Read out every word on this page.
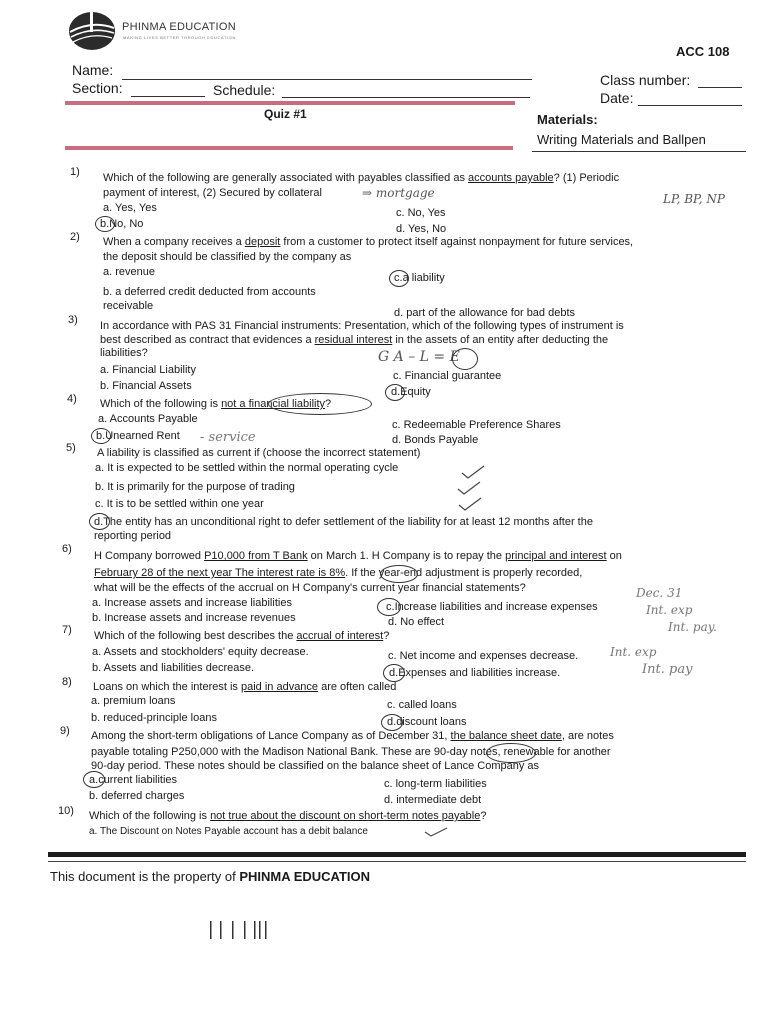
PHINMA EDUCATION
MAKING LIVES BETTER THROUGH EDUCATION
ACC 108
Name:
Section:	Schedule:
Class number:
Date:
Quiz #1	Materials:
Writing Materials and Ballpen
1) Which of the following are generally associated with payables classified as accounts payable? (1) Periodic
payment of interest, (2) Secured by collateral	⇒ mortgage	LP, BP, NP
a. Yes, Yes
b.No, No
c. No, Yes
d. Yes, No
2) When a company receives a deposit from a customer to protect itself against nonpayment for future services,
the deposit should be classified by the company as
a. revenue	c.a liability
b. a deferred credit deducted from accounts
receivable
d. part of the allowance for bad debts
3) In accordance with PAS 31 Financial instruments: Presentation, which of the following types of instrument is
best described as contract that evidences a residual interest in the assets of an entity after deducting the
liabilities?	G A – L = E
a. Financial Liability	c. Financial guarantee
b. Financial Assets	d.Equity
4) Which of the following is not a financial liability?
a. Accounts Payable	c. Redeemable Preference Shares
b.Unearned Rent - service	d. Bonds Payable
5) A liability is classified as current if (choose the incorrect statement)
a. It is expected to be settled within the normal operating cycle
b. It is primarily for the purpose of trading
c. It is to be settled within one year
d.The entity has an unconditional right to defer settlement of the liability for at least 12 months after the
reporting period
6)
H Company borrowed P10,000 from T Bank on March 1. H Company is to repay the principal and interest on
February 28 of the next year The interest rate is 8%. If the year-end adjustment is properly recorded,
what will be the effects of the accrual on H Company's current year financial statements?	Dec. 31
a. Increase assets and increase liabilities	c.Increase liabilities and increase expenses	Int. exp
b. Increase assets and increase revenues	d. No effect	Int. pay.
7) Which of the following best describes the accrual of interest?
a. Assets and stockholders' equity decrease.	c. Net income and expenses decrease.	Int. exp
b. Assets and liabilities decrease.	d.Expenses and liabilities increase.	Int. pay
8) Loans on which the interest is paid in advance are often called
a. premium loans	c. called loans
b. reduced-principle loans	d.discount loans
9) Among the short-term obligations of Lance Company as of December 31, the balance sheet date, are notes
payable totaling P250,000 with the Madison National Bank. These are 90-day notes, renewable for another
90-day period. These notes should be classified on the balance sheet of Lance Company as
a.current liabilities	c. long-term liabilities
b. deferred charges	d. intermediate debt
10) Which of the following is not true about the discount on short-term notes payable?
a. The Discount on Notes Payable account has a debit balance
This document is the property of PHINMA EDUCATION
